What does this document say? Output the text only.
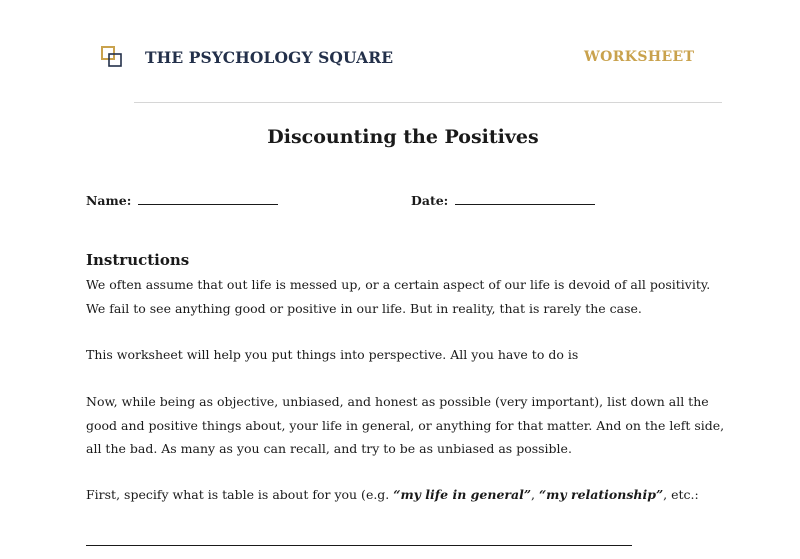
THE PSYCHOLOGY SQUARE	WORKSHEET
Discounting the Positives
Name:	Date:
Instructions
We often assume that out life is messed up, or a certain aspect of our life is devoid of all positivity.
We fail to see anything good or positive in our life. But in reality, that is rarely the case.
This worksheet will help you put things into perspective. All you have to do is
Now, while being as objective, unbiased, and honest as possible (very important), list down all the
good and positive things about, your life in general, or anything for that matter. And on the left side,
all the bad. As many as you can recall, and try to be as unbiased as possible.
First, specify what is table is about for you (e.g. “my life in general”, “my relationship”, etc.:
